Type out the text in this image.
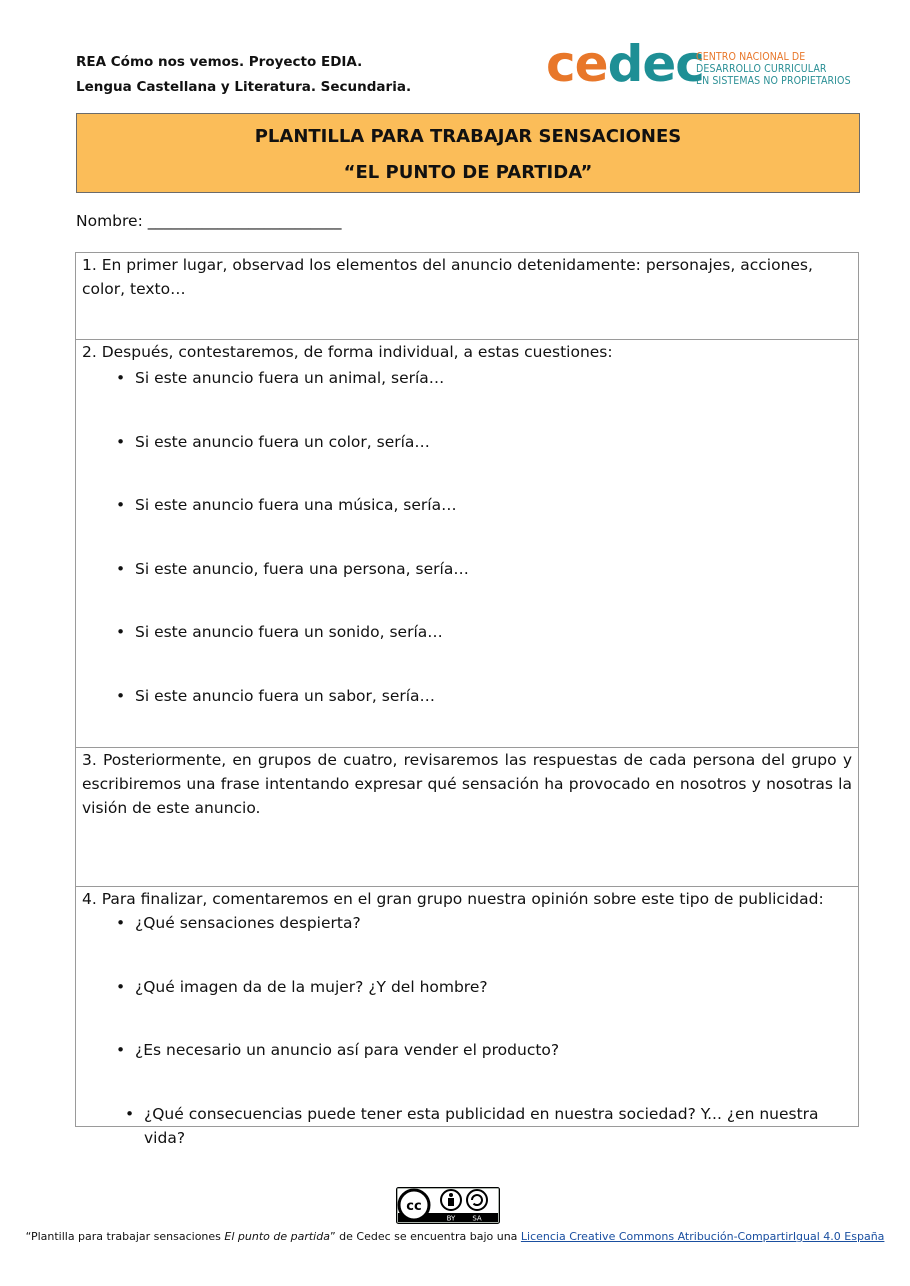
REA Cómo nos vemos. Proyecto EDIA.
Lengua Castellana y Literatura. Secundaria.	cedec
CENTRO NACIONAL DE
DESARROLLO CURRICULAR
EN SISTEMAS NO PROPIETARIOS
PLANTILLA PARA TRABAJAR SENSACIONES
“EL PUNTO DE PARTIDA”
Nombre: _________________________
1. En primer lugar, observad los elementos del anuncio detenidamente: personajes, acciones, color, texto…

2. Después, contestaremos, de forma individual, a estas cuestiones:
• Si este anuncio fuera un animal, sería…
• Si este anuncio fuera un color, sería…
• Si este anuncio fuera una música, sería…
• Si este anuncio, fuera una persona, sería…
• Si este anuncio fuera un sonido, sería…
• Si este anuncio fuera un sabor, sería…

3. Posteriormente, en grupos de cuatro, revisaremos las respuestas de cada persona del grupo y escribiremos una frase intentando expresar qué sensación ha provocado en nosotros y nosotras la visión de este anuncio.

4. Para finalizar, comentaremos en el gran grupo nuestra opinión sobre este tipo de publicidad:
• ¿Qué sensaciones despierta?
• ¿Qué imagen da de la mujer? ¿Y del hombre?
• ¿Es necesario un anuncio así para vender el producto?
• ¿Qué consecuencias puede tener esta publicidad en nuestra sociedad? Y... ¿en nuestra vida?
cc
BY SA
“Plantilla para trabajar sensaciones El punto de partida” de Cedec se encuentra bajo una Licencia Creative Commons Atribución-CompartirIgual 4.0 España
